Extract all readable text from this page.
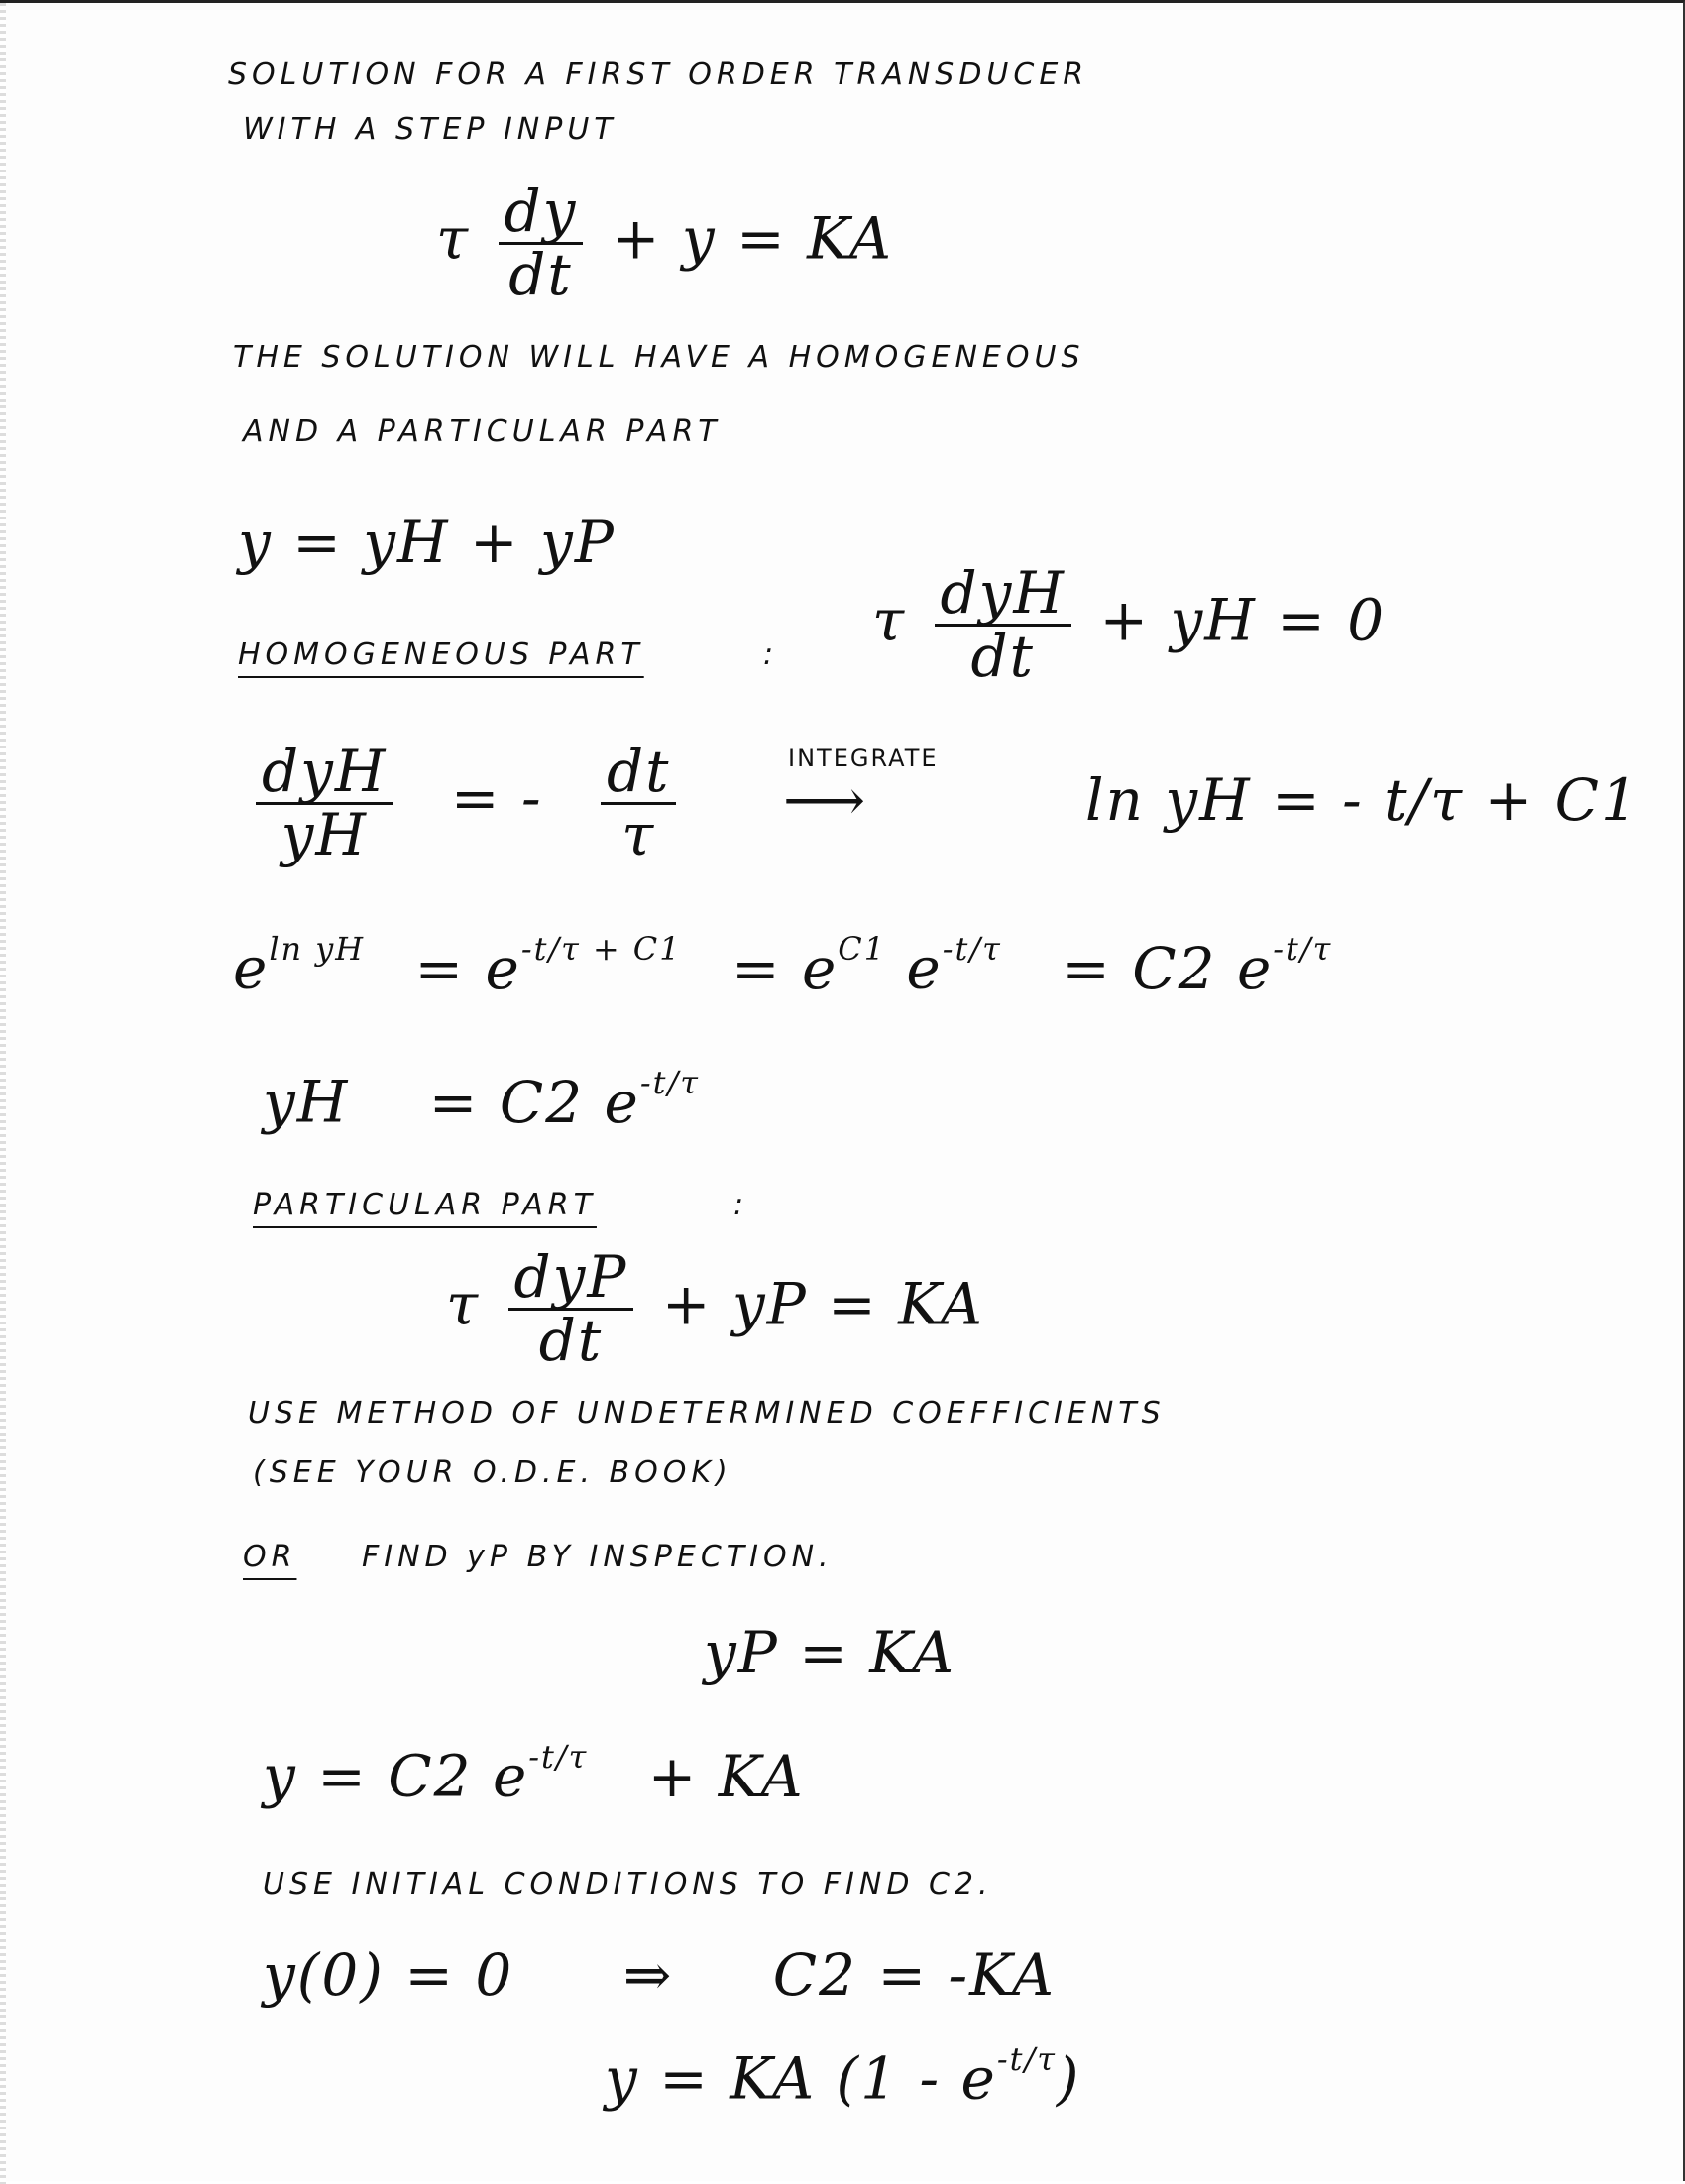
SOLUTION FOR A FIRST ORDER TRANSDUCER
WITH A STEP INPUT
τ $\frac{dy}{dt} + y$ = KA
THE SOLUTION WILL HAVE A HOMOGENEOUS
AND A PARTICULAR PART
y = yH + yP
HOMOGENEOUS PART	:
τ $\frac{\text{dyH}}{dt}$ + yH = 0
$\frac{\text{dyH}}{yH}$ = - $\frac{dt}{\tau}$	INTEGRATE
⟶	ln yH = - t/τ + C1
$e^{ln yH} = e^{-t/\tau + C1} = e^{C1}$ $e^{-t/\tau} = C2$ $e^{-t/\tau}$
yH = C2 $e^{-t/\tau}$
PARTICULAR PART	:
τ $\frac{\text{dyP}}{dt}$ + yP = KA
USE METHOD OF UNDETERMINED COEFFICIENTS
(SEE YOUR O.D.E. BOOK)
OR FIND yP BY INSPECTION.
yP = KA
y = C2 $e^{-t/\tau}$ + KA
USE INITIAL CONDITIONS TO FIND C2.
y(0) = 0 ⇒ C2 = -KA
y = KA $(1 - e^{-t/\tau})$
